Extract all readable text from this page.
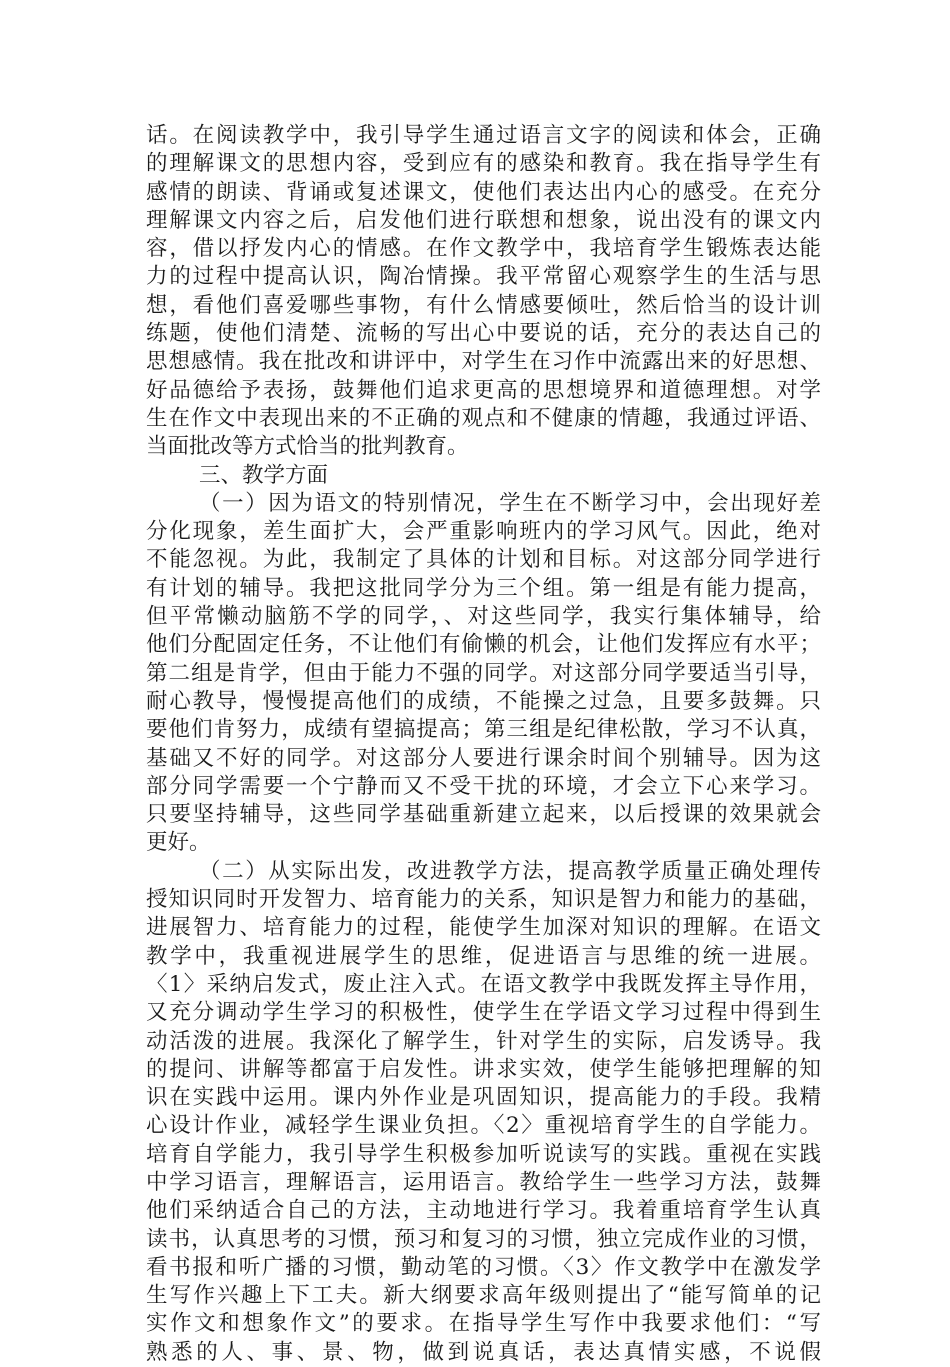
话。在阅读教学中，我引导学生通过语言文字的阅读和体会，正确
的理解课文的思想内容，受到应有的感染和教育。我在指导学生有
感情的朗读、背诵或复述课文，使他们表达出内心的感受。在充分
理解课文内容之后，启发他们进行联想和想象，说出没有的课文内
容，借以抒发内心的情感。在作文教学中，我培育学生锻炼表达能
力的过程中提高认识，陶冶情操。我平常留心观察学生的生活与思
想，看他们喜爱哪些事物，有什么情感要倾吐，然后恰当的设计训
练题，使他们清楚、流畅的写出心中要说的话，充分的表达自己的
思想感情。我在批改和讲评中，对学生在习作中流露出来的好思想、
好品德给予表扬，鼓舞他们追求更高的思想境界和道德理想。对学
生在作文中表现出来的不正确的观点和不健康的情趣，我通过评语、
当面批改等方式恰当的批判教育。
三、教学方面
（一）因为语文的特别情况，学生在不断学习中，会出现好差
分化现象，差生面扩大，会严重影响班内的学习风气。因此，绝对
不能忽视。为此，我制定了具体的计划和目标。对这部分同学进行
有计划的辅导。我把这批同学分为三个组。第一组是有能力提高，
但平常懒动脑筋不学的同学，、对这些同学，我实行集体辅导，给
他们分配固定任务，不让他们有偷懒的机会，让他们发挥应有水平；
第二组是肯学，但由于能力不强的同学。对这部分同学要适当引导，
耐心教导，慢慢提高他们的成绩，不能操之过急，且要多鼓舞。只
要他们肯努力，成绩有望搞提高；第三组是纪律松散，学习不认真，
基础又不好的同学。对这部分人要进行课余时间个别辅导。因为这
部分同学需要一个宁静而又不受干扰的环境，才会立下心来学习。
只要坚持辅导，这些同学基础重新建立起来，以后授课的效果就会
更好。
（二）从实际出发，改进教学方法，提高教学质量正确处理传
授知识同时开发智力、培育能力的关系，知识是智力和能力的基础，
进展智力、培育能力的过程，能使学生加深对知识的理解。在语文
教学中，我重视进展学生的思维，促进语言与思维的统一进展。
〈1〉采纳启发式，废止注入式。在语文教学中我既发挥主导作用，
又充分调动学生学习的积极性，使学生在学语文学习过程中得到生
动活泼的进展。我深化了解学生，针对学生的实际，启发诱导。我
的提问、讲解等都富于启发性。讲求实效，使学生能够把理解的知
识在实践中运用。课内外作业是巩固知识，提高能力的手段。我精
心设计作业，减轻学生课业负担。〈2〉重视培育学生的自学能力。
培育自学能力，我引导学生积极参加听说读写的实践。重视在实践
中学习语言，理解语言，运用语言。教给学生一些学习方法，鼓舞
他们采纳适合自己的方法，主动地进行学习。我着重培育学生认真
读书，认真思考的习惯，预习和复习的习惯，独立完成作业的习惯，
看书报和听广播的习惯，勤动笔的习惯。〈3〉作文教学中在激发学
生写作兴趣上下工夫。新大纲要求高年级则提出了“能写简单的记
实作文和想象作文”的要求。在指导学生写作中我要求他们：“写
熟悉的人、事、景、物，做到说真话，表达真情实感，不说假
